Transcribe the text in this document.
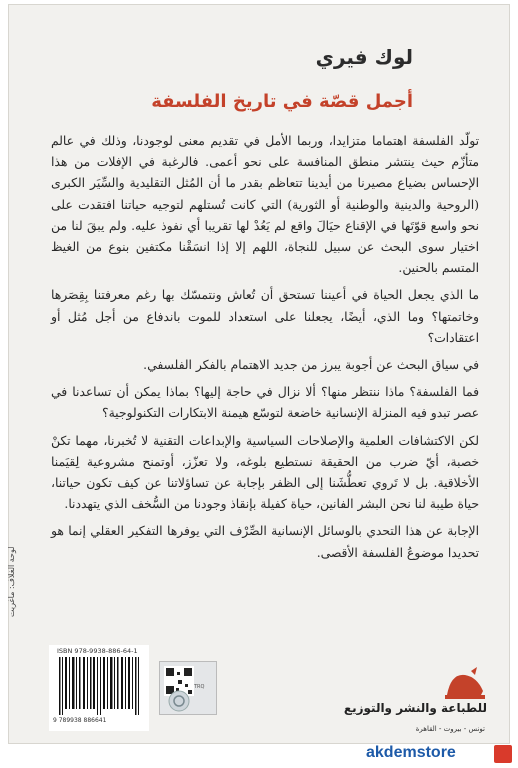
لوك فيري
أجمل قصّة في تاريخ الفلسفة

تولّد الفلسفة اهتماما متزايدا، وربما الأمل في تقديم معنى لوجودنا، وذلك في عالم متأزّم حيث ينتشر منطق المنافسة على نحو أعمى. فالرغبة في الإفلات من هذا الإحساس بضياع مصيرنا من أيدينا تتعاظم بقدر ما أن المُثل التقليدية والسِّيَر الكبرى (الروحية والدينية والوطنية أو الثورية) التي كانت تُستلهم لتوجيه حياتنا افتقدت على نحو واسع قوّتَها في الإقناع حيَالَ واقع لم يَعُدْ لها تقريبا أي نفوذ عليه. ولم يبقَ لنا من اختيار سوى البحث عن سبيل للنجاة، اللهم إلا إذا انسَقْنا مكتفين بنوع من الغيظ المتسم بالحنين.

ما الذي يجعل الحياة في أعيننا تستحق أن تُعاش ونتمسّك بها رغم معرفتنا بِقِصَرها وخاتمتها؟ وما الذي، أيضًا، يجعلنا على استعداد للموت باندفاع من أجل مُثل أو اعتقادات؟

في سياق البحث عن أجوبة يبرز من جديد الاهتمام بالفكر الفلسفي.

فما الفلسفة؟ ماذا ننتظر منها؟ ألا نزال في حاجة إليها؟ بماذا يمكن أن تساعدنا في عصر تبدو فيه المنزلة الإنسانية خاضعة لتوسّع هيمنة الابتكارات التكنولوجية؟

لكن الاكتشافات العلمية والإصلاحات السياسية والإبداعات التقنية لا تُخبرنا، مهما تكنْ خصبة، أيّ ضرب من الحقيقة نستطيع بلوغه، ولا تعزّز، أوتمنح مشروعية لِقيَمنا الأخلاقية. بل لا تَروي تعطُّشَنا إلى الظفر بإجابة عن تساؤلاتنا عن كيف تكون حياتنا، حياة طيبة لنا نحن البشر الفانين، حياة كفيلة بإنقاذ وجودنا من السُّخف الذي يتهددنا.

الإجابة عن هذا التحدي بالوسائل الإنسانية الصِّرْف التي يوفرها التفكير العقلي إنما هو تحديدا موضوعُ الفلسفة الأقصى.

لوحة الغلاف: ماغريت
ISBN 978-9938-886-64-1
9 789938 886641
TRQ
للطباعة والنشر والتوزيع
تونس - بيروت - القاهرة
akdemstore
